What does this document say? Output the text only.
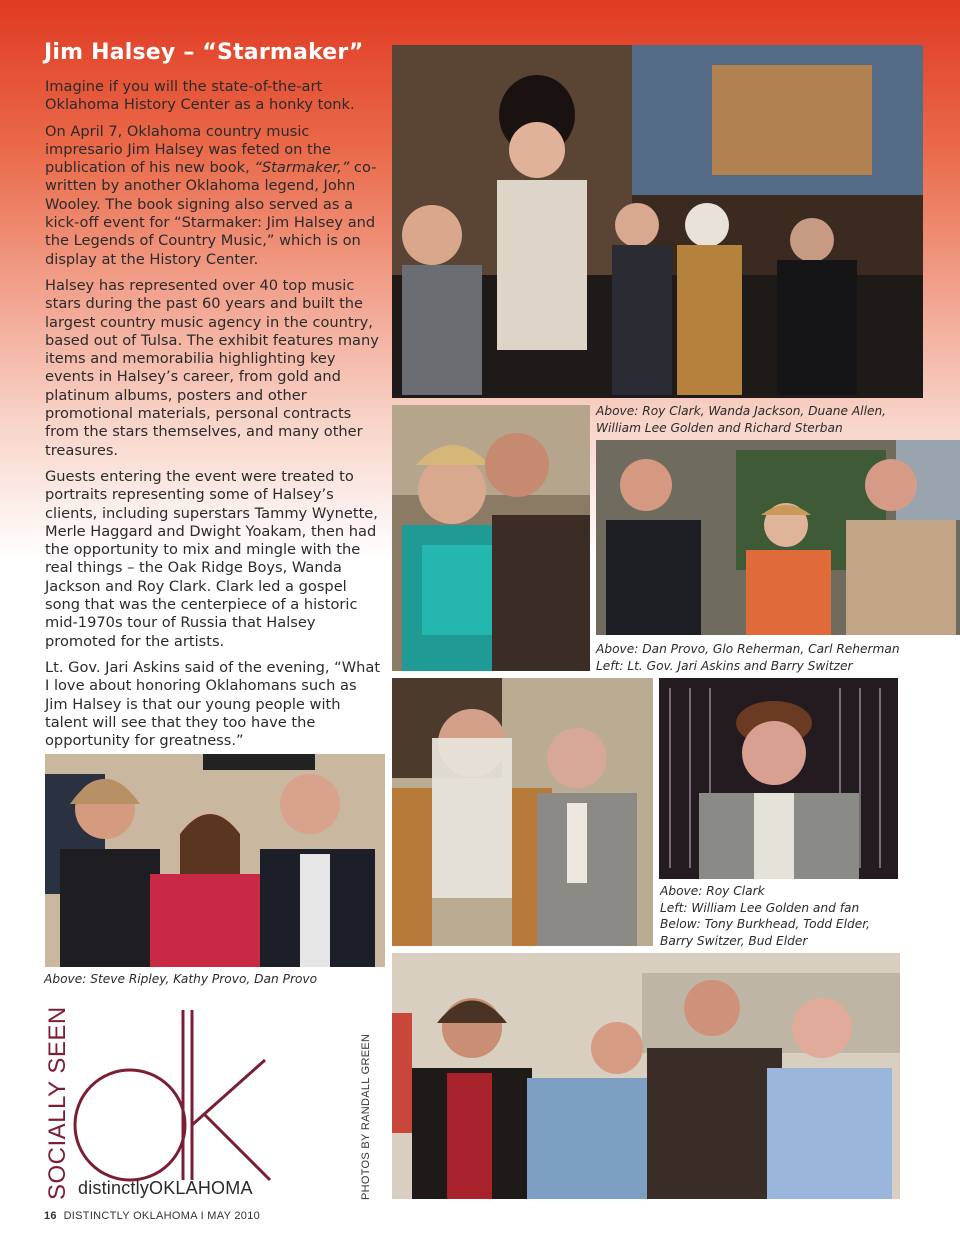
Jim Halsey – “Starmaker”

Imagine if you will the state-of-the-art Oklahoma History Center as a honky tonk.

On April 7, Oklahoma country music impresario Jim Halsey was feted on the publication of his new book, “Starmaker,” co-written by another Oklahoma legend, John Wooley. The book signing also served as a kick-off event for “Starmaker: Jim Halsey and the Legends of Country Music,” which is on display at the History Center.

Halsey has represented over 40 top music stars during the past 60 years and built the largest country music agency in the country, based out of Tulsa. The exhibit features many items and memorabilia highlighting key events in Halsey’s career, from gold and platinum albums, posters and other promotional materials, personal contracts from the stars themselves, and many other treasures.

Guests entering the event were treated to portraits representing some of Halsey’s clients, including superstars Tammy Wynette, Merle Haggard and Dwight Yoakam, then had the opportunity to mix and mingle with the real things – the Oak Ridge Boys, Wanda Jackson and Roy Clark. Clark led a gospel song that was the centerpiece of a historic mid-1970s tour of Russia that Halsey promoted for the artists.

Lt. Gov. Jari Askins said of the evening, “What I love about honoring Oklahomans such as Jim Halsey is that our young people with talent will see that they too have the opportunity for greatness.”

Above: Roy Clark, Wanda Jackson, Duane Allen,
William Lee Golden and Richard Sterban
Above: Dan Provo, Glo Reherman, Carl Reherman
Left: Lt. Gov. Jari Askins and Barry Switzer
Above: Roy Clark
Left: William Lee Golden and fan
Below: Tony Burkhead, Todd Elder,
Barry Switzer, Bud Elder
Above: Steve Ripley, Kathy Provo, Dan Provo
PHOTOS BY RANDALL GREEN
SOCIALLY SEEN distinctlyOKLAHOMA
16 DISTINCTLY OKLAHOMA I MAY 2010
